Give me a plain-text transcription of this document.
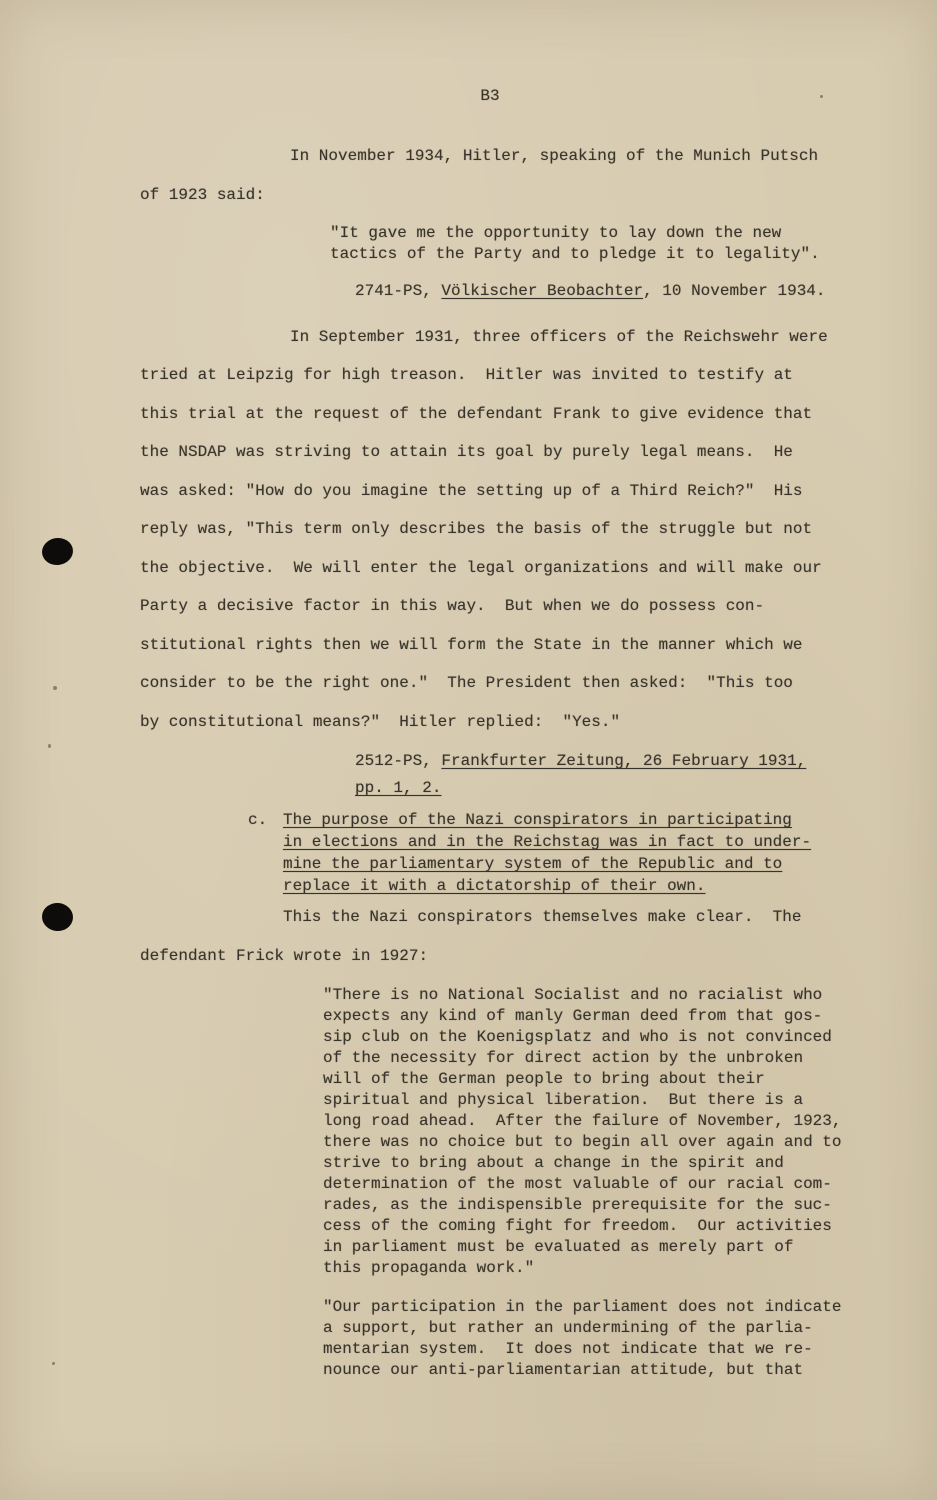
B3
In November 1934, Hitler, speaking of the Munich Putsch
of 1923 said:
"It gave me the opportunity to lay down the new
tactics of the Party and to pledge it to legality".
2741-PS, Völkischer Beobachter, 10 November 1934.
In September 1931, three officers of the Reichswehr were
tried at Leipzig for high treason.  Hitler was invited to testify at
this trial at the request of the defendant Frank to give evidence that
the NSDAP was striving to attain its goal by purely legal means.  He
was asked: "How do you imagine the setting up of a Third Reich?"  His
reply was, "This term only describes the basis of the struggle but not
the objective.  We will enter the legal organizations and will make our
Party a decisive factor in this way.  But when we do possess con-
stitutional rights then we will form the State in the manner which we
consider to be the right one."  The President then asked:  "This too
by constitutional means?"  Hitler replied:  "Yes."
2512-PS, Frankfurter Zeitung, 26 February 1931,
pp. 1, 2.
c. The purpose of the Nazi conspirators in participating
in elections and in the Reichstag was in fact to under-
mine the parliamentary system of the Republic and to
replace it with a dictatorship of their own.
This the Nazi conspirators themselves make clear.  The
defendant Frick wrote in 1927:
"There is no National Socialist and no racialist who
expects any kind of manly German deed from that gos-
sip club on the Koenigsplatz and who is not convinced
of the necessity for direct action by the unbroken
will of the German people to bring about their
spiritual and physical liberation.  But there is a
long road ahead.  After the failure of November, 1923,
there was no choice but to begin all over again and to
strive to bring about a change in the spirit and
determination of the most valuable of our racial com-
rades, as the indispensible prerequisite for the suc-
cess of the coming fight for freedom.  Our activities
in parliament must be evaluated as merely part of
this propaganda work."
"Our participation in the parliament does not indicate
a support, but rather an undermining of the parlia-
mentarian system.  It does not indicate that we re-
nounce our anti-parliamentarian attitude, but that
